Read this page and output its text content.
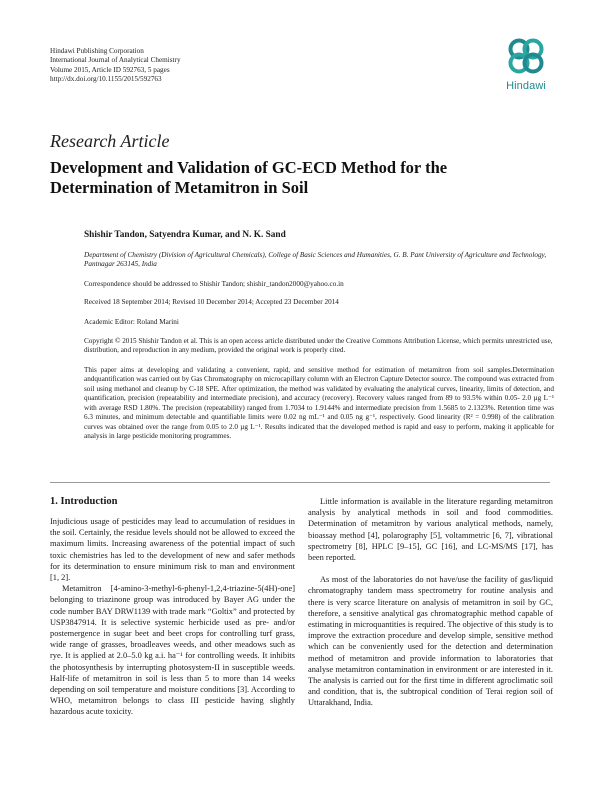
Hindawi Publishing Corporation
International Journal of Analytical Chemistry
Volume 2015, Article ID 592763, 5 pages
http://dx.doi.org/10.1155/2015/592763
Hindawi
Research Article
Development and Validation of GC-ECD Method for the Determination of Metamitron in Soil
Shishir Tandon, Satyendra Kumar, and N. K. Sand
Department of Chemistry (Division of Agricultural Chemicals), College of Basic Sciences and Humanities, G. B. Pant University of Agriculture and Technology, Pantnagar 263145, India
Correspondence should be addressed to Shishir Tandon; shishir_tandon2000@yahoo.co.in
Received 18 September 2014; Revised 10 December 2014; Accepted 23 December 2014
Academic Editor: Roland Marini
Copyright © 2015 Shishir Tandon et al. This is an open access article distributed under the Creative Commons Attribution License, which permits unrestricted use, distribution, and reproduction in any medium, provided the original work is properly cited.
This paper aims at developing and validating a convenient, rapid, and sensitive method for estimation of metamitron from soil samples.Determination andquantification was carried out by Gas Chromatography on microcapillary column with an Electron Capture Detector source. The compound was extracted from soil using methanol and cleanup by C-18 SPE. After optimization, the method was validated by evaluating the analytical curves, linearity, limits of detection, and quantification, precision (repeatability and intermediate precision), and accuracy (recovery). Recovery values ranged from 89 to 93.5% within 0.05- 2.0 µg L⁻¹ with average RSD 1.80%. The precision (repeatability) ranged from 1.7034 to 1.9144% and intermediate precision from 1.5685 to 2.1323%. Retention time was 6.3 minutes, and minimum detectable and quantifiable limits were 0.02 ng mL⁻¹ and 0.05 ng g⁻¹, respectively. Good linearity (R² = 0.998) of the calibration curves was obtained over the range from 0.05 to 2.0 µg L⁻¹. Results indicated that the developed method is rapid and easy to perform, making it applicable for analysis in large pesticide monitoring programmes.
1. Introduction

Injudicious usage of pesticides may lead to accumulation of residues in the soil. Certainly, the residue levels should not be allowed to exceed the maximum limits. Increasing awareness of the potential impact of such toxic chemistries has led to the development of new and safer methods for its determination to ensure minimum risk to man and environment [1, 2].

Metamitron [4-amino-3-methyl-6-phenyl-1,2,4-triazine-5(4H)-one] belonging to triazinone group was introduced by Bayer AG under the code number BAY DRW1139 with trade mark “Goltix” and protected by USP3847914. It is selective systemic herbicide used as pre- and/or postemergence in sugar beet and beet crops for controlling turf grass, wide range of grasses, broadleaves weeds, and other meadows such as rye. It is applied at 2.0–5.0 kg a.i. ha⁻¹ for controlling weeds. It inhibits the photosynthesis by interrupting photosystem-II in susceptible weeds. Half-life of metamitron in soil is less than 5 to more than 14 weeks depending on soil temperature and moisture conditions [3]. According to WHO, metamitron belongs to class III pesticide having slightly hazardous acute toxicity.

Little information is available in the literature regarding metamitron analysis by analytical methods in soil and food commodities. Determination of metamitron by various analytical methods, namely, bioassay method [4], polarography [5], voltammetric [6, 7], vibrational spectrometry [8], HPLC [9–15], GC [16], and LC-MS/MS [17], has been reported.

As most of the laboratories do not have/use the facility of gas/liquid chromatography tandem mass spectrometry for routine analysis and there is very scarce literature on analysis of metamitron in soil by GC, therefore, a sensitive analytical gas chromatographic method capable of estimating in microquantities is required. The objective of this study is to improve the extraction procedure and develop simple, sensitive method which can be conveniently used for the detection and determination method of metamitron and provide information to laboratories that analyse metamitron contamination in environment or are interested in it. The analysis is carried out for the first time in different agroclimatic soil and condition, that is, the subtropical condition of Terai region soil of Uttarakhand, India.
